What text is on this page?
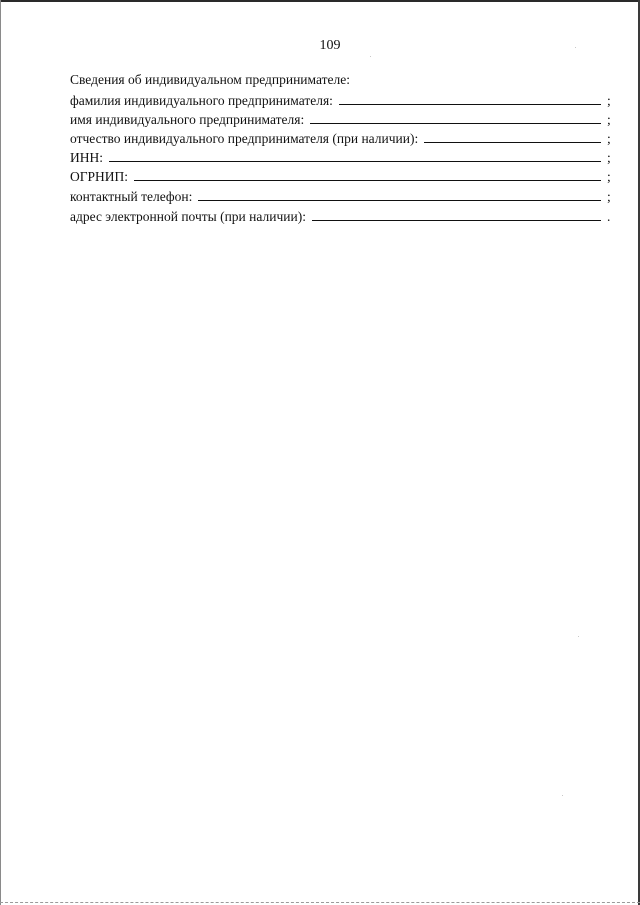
109
Сведения об индивидуальном предпринимателе:
фамилия индивидуального предпринимателя:	;
имя индивидуального предпринимателя:	;
отчество индивидуального предпринимателя (при наличии):	;
ИНН:	;
ОГРНИП:	;
контактный телефон:	;
адрес электронной почты (при наличии):	.
